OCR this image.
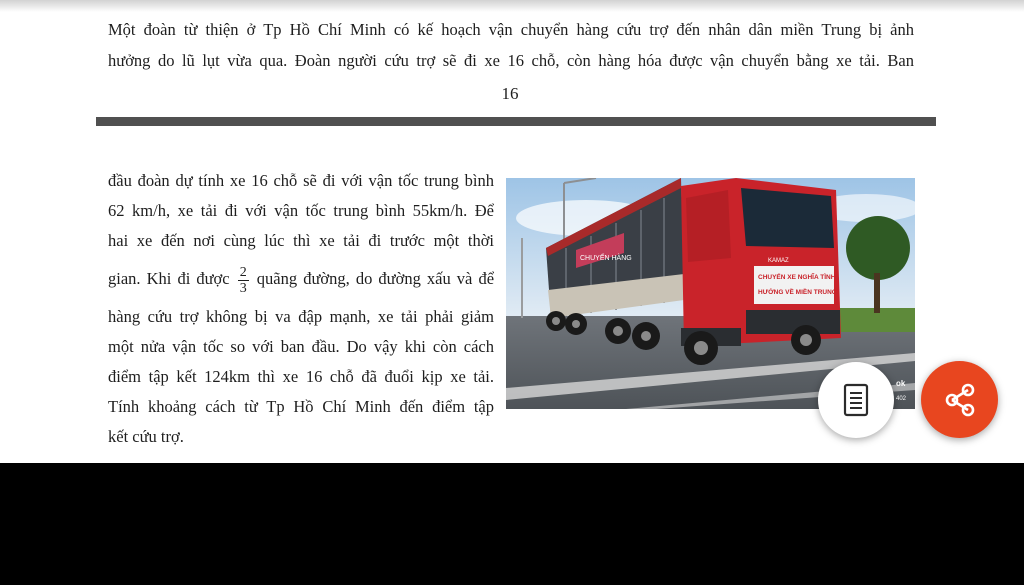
Một đoàn từ thiện ở Tp Hồ Chí Minh có kế hoạch vận chuyển hàng cứu trợ đến nhân dân miền Trung bị ảnh
hưởng do lũ lụt vừa qua. Đoàn người cứu trợ sẽ đi xe 16 chỗ, còn hàng hóa được vận chuyển bằng xe tải. Ban
16
đầu đoàn dự tính xe 16 chỗ sẽ đi với vận tốc trung bình
62 km/h, xe tải đi với vận tốc trung bình 55km/h. Để
hai xe đến nơi cùng lúc thì xe tải đi trước một thời
gian. Khi đi được $\frac{2}{3}$ quãng đường, do đường xấu và để
hàng cứu trợ không bị va đập mạnh, xe tải phải giảm
một nửa vận tốc so với ban đầu. Do vậy khi còn cách
điểm tập kết 124km thì xe 16 chỗ đã đuổi kịp xe tải.
Tính khoảng cách từ Tp Hồ Chí Minh đến điểm tập
kết cứu trợ.
CHUYẾN HÀNG	KAMAZ
CHUYẾN XE NGHĨA TÌNH
HƯỚNG VỀ MIỀN TRUNG
ok
402
